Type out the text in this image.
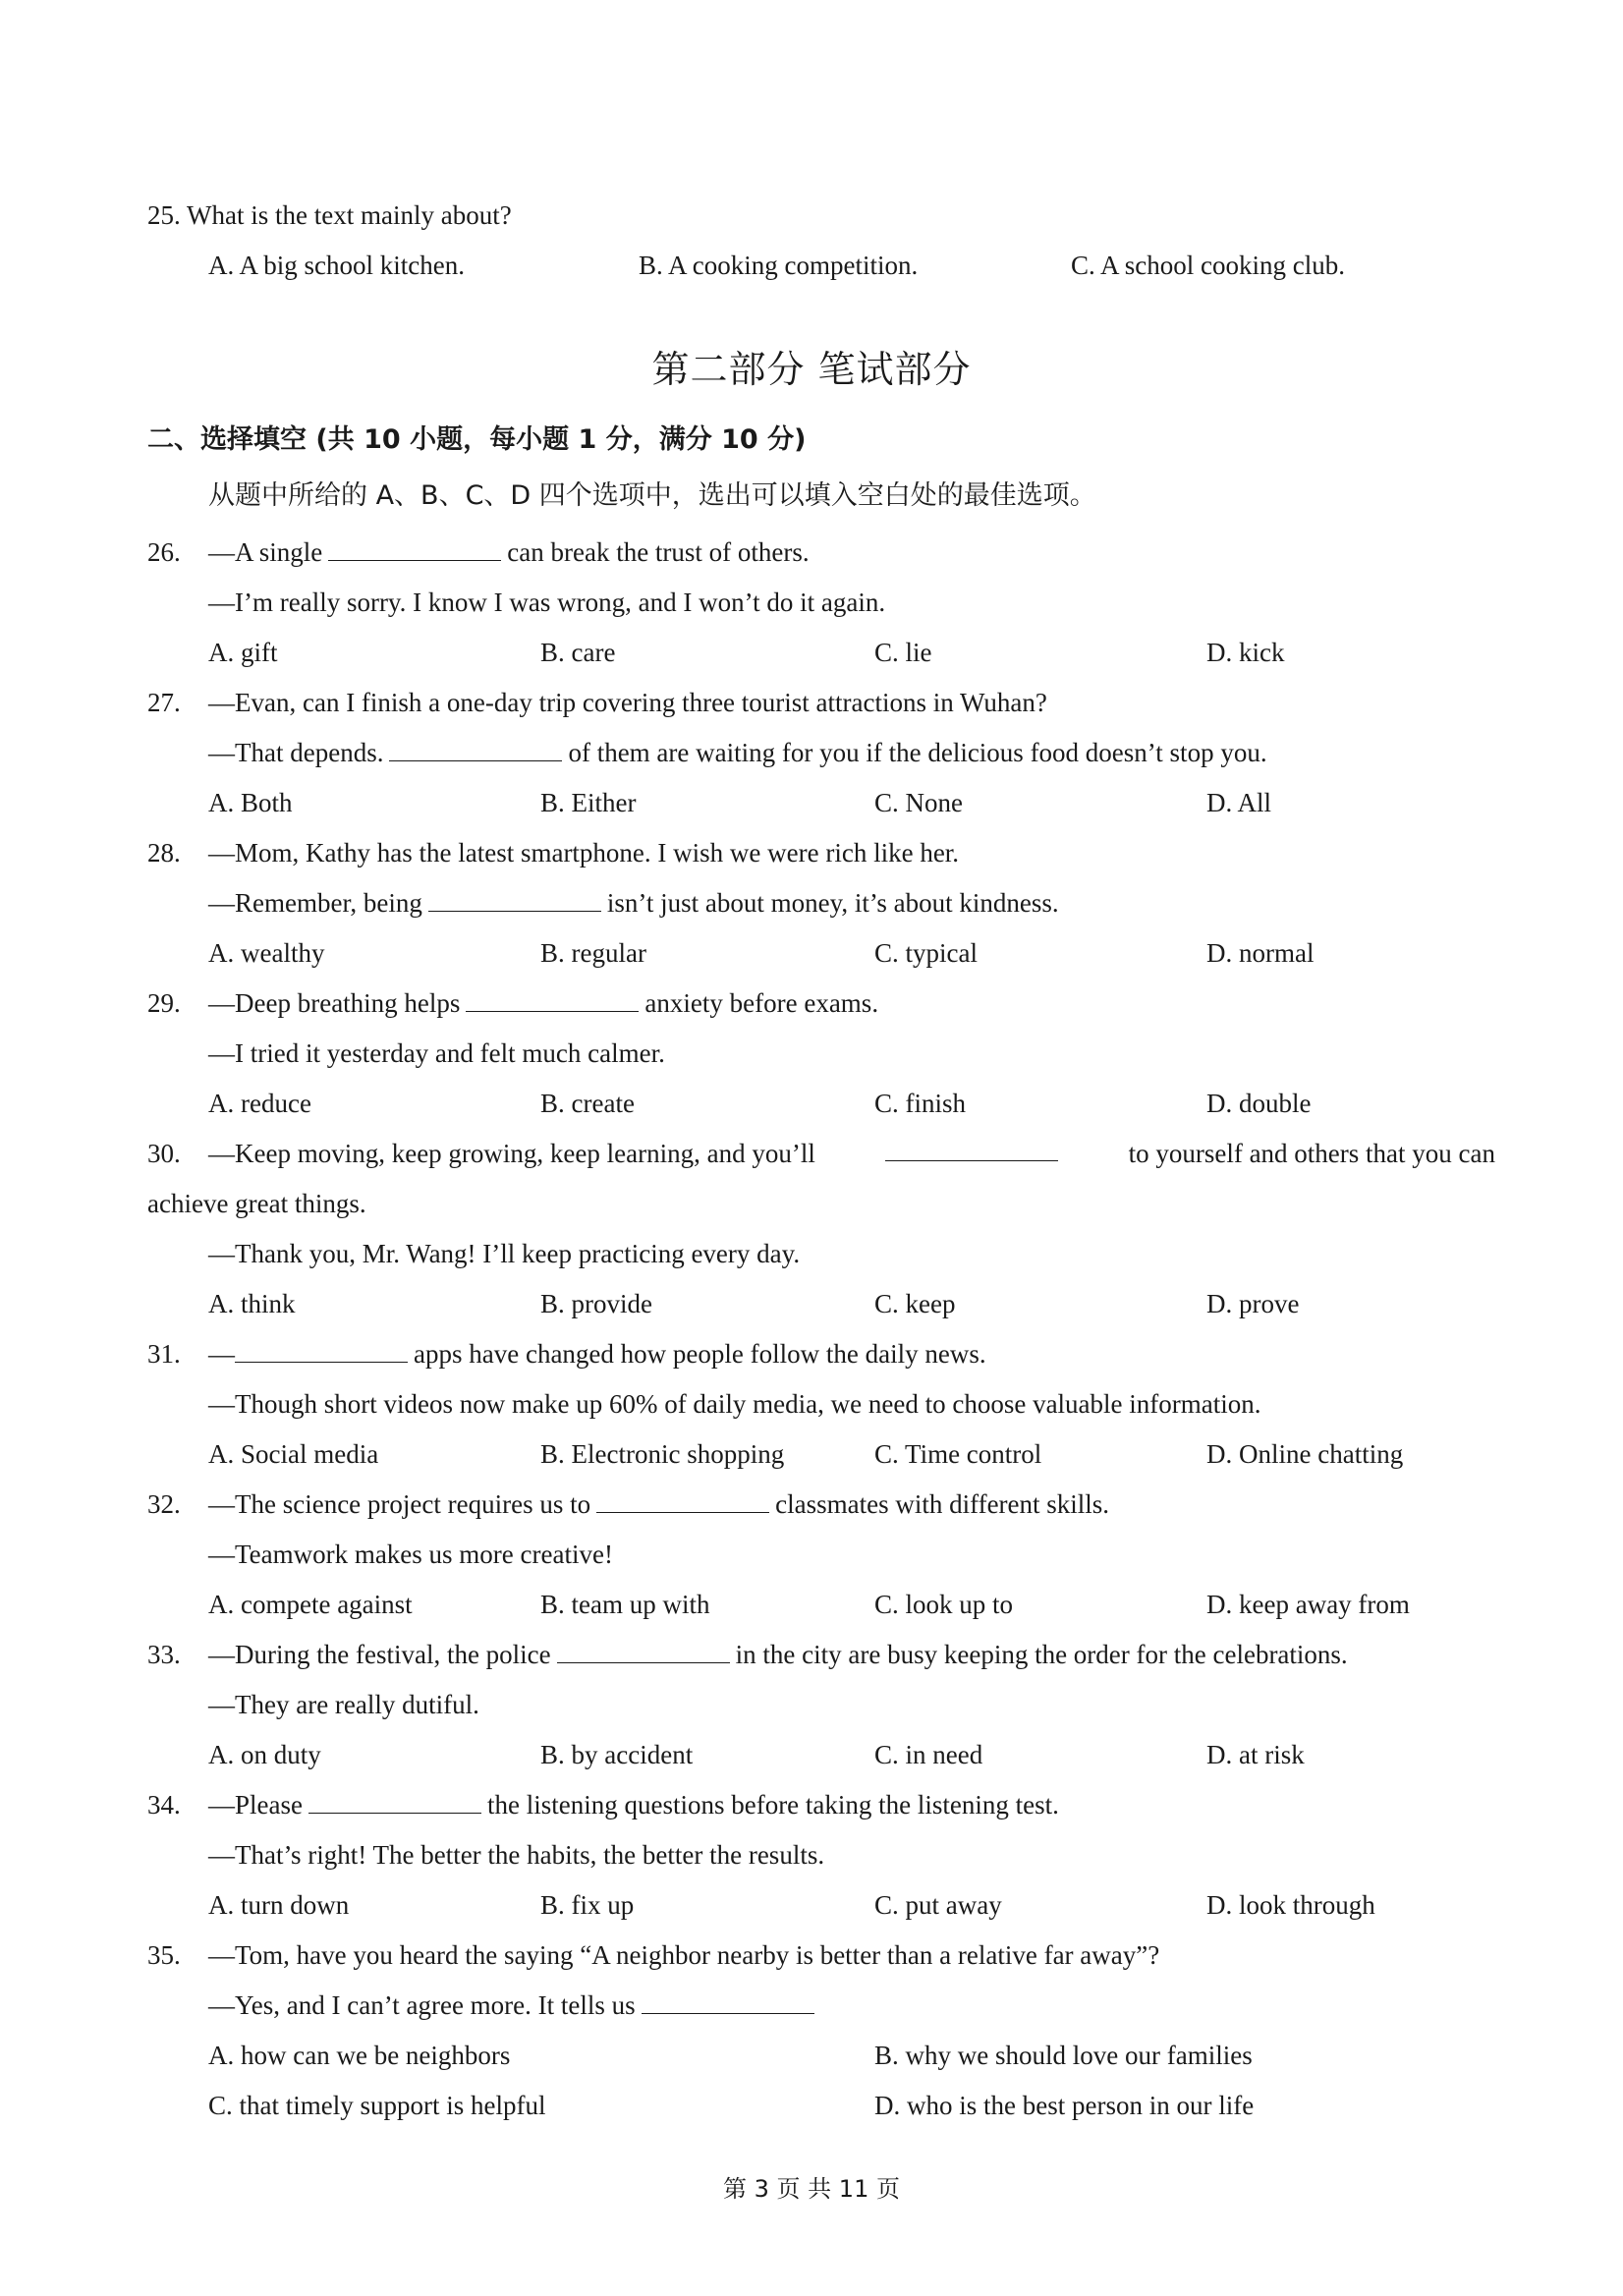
25. What is the text mainly about?
A. A big school kitchen.	B. A cooking competition.	C. A school cooking club.
第二部分 笔试部分
二、选择填空 (共 10 小题，每小题 1 分，满分 10 分)
从题中所给的 A、B、C、D 四个选项中，选出可以填入空白处的最佳选项。
26. —A single	can break the trust of others.
—I’m really sorry. I know I was wrong, and I won’t do it again.
A. gift	B. care	C. lie	D. kick
27. —Evan, can I finish a one-day trip covering three tourist attractions in Wuhan?
—That depends.	of them are waiting for you if the delicious food doesn’t stop you.
A. Both	B. Either	C. None	D. All
28. —Mom, Kathy has the latest smartphone. I wish we were rich like her.
—Remember, being	isn’t just about money, it’s about kindness.
A. wealthy	B. regular	C. typical	D. normal
29. —Deep breathing helps	anxiety before exams.
—I tried it yesterday and felt much calmer.
A. reduce	B. create	C. finish	D. double
30. —Keep moving, keep growing, keep learning, and you’ll	to yourself and others that you can
achieve great things.
—Thank you, Mr. Wang! I’ll keep practicing every day.
A. think	B. provide	C. keep	D. prove
31. —	apps have changed how people follow the daily news.
—Though short videos now make up 60% of daily media, we need to choose valuable information.
A. Social media	B. Electronic shopping	C. Time control	D. Online chatting
32. —The science project requires us to	classmates with different skills.
—Teamwork makes us more creative!
A. compete against	B. team up with	C. look up to	D. keep away from
33. —During the festival, the police	in the city are busy keeping the order for the celebrations.
—They are really dutiful.
A. on duty	B. by accident	C. in need	D. at risk
34. —Please	the listening questions before taking the listening test.
—That’s right! The better the habits, the better the results.
A. turn down	B. fix up	C. put away	D. look through
35. —Tom, have you heard the saying “A neighbor nearby is better than a relative far away”?
—Yes, and I can’t agree more. It tells us
A. how can we be neighbors	B. why we should love our families
C. that timely support is helpful	D. who is the best person in our life
第 3 页 共 11 页
